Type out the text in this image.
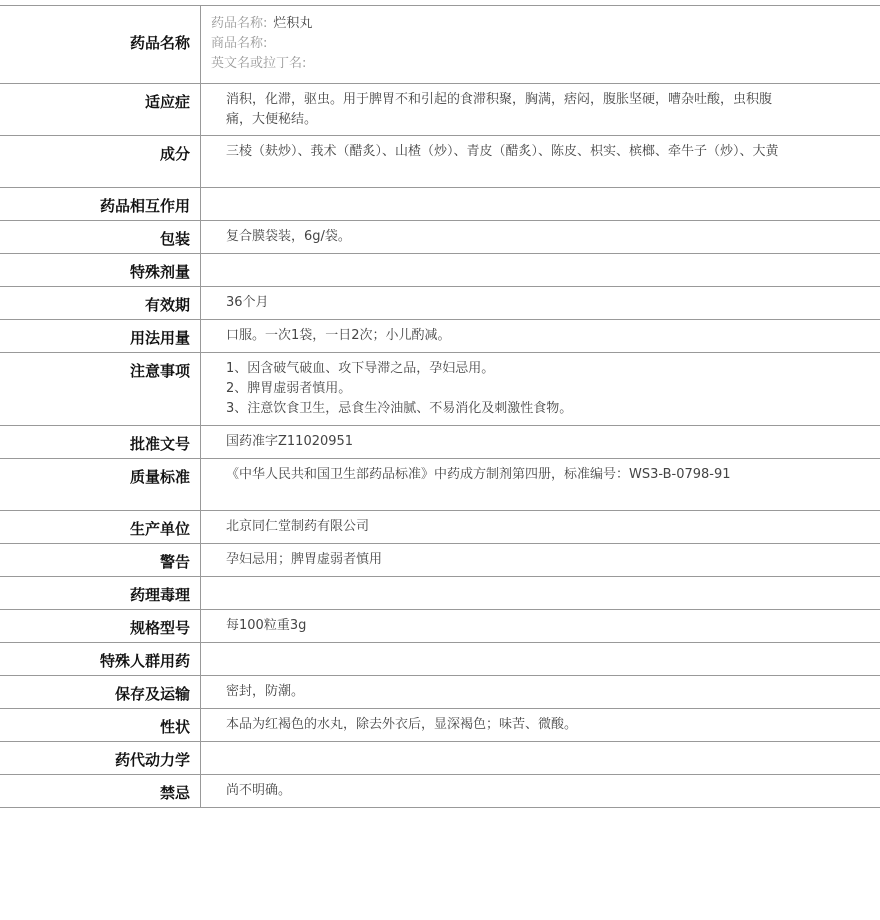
药品名称	药品名称: 烂积丸
商品名称:
英文名或拉丁名:

适应症	消积，化滞，驱虫。用于脾胃不和引起的食滞积聚，胸满，痞闷，腹胀坚硬，嘈杂吐酸，虫积腹痛，大便秘结。
成分	三棱（麸炒）、莪术（醋炙）、山楂（炒）、青皮（醋炙）、陈皮、枳实、槟榔、牵牛子（炒）、大黄
药品相互作用	
包装	复合膜袋装，6g/袋。
特殊剂量	
有效期	36个月
用法用量	口服。一次1袋，一日2次；小儿酌减。
注意事项	1、因含破气破血、攻下导滞之品，孕妇忌用。
2、脾胃虚弱者慎用。
3、注意饮食卫生，忌食生冷油腻、不易消化及刺激性食物。

批准文号	国药准字Z11020951
质量标准	《中华人民共和国卫生部药品标准》中药成方制剂第四册，标准编号：WS3-B-0798-91
生产单位	北京同仁堂制药有限公司
警告	孕妇忌用；脾胃虚弱者慎用
药理毒理	
规格型号	每100粒重3g
特殊人群用药	
保存及运输	密封，防潮。
性状	本品为红褐色的水丸，除去外衣后，显深褐色；味苦、微酸。
药代动力学	
禁忌	尚不明确。
